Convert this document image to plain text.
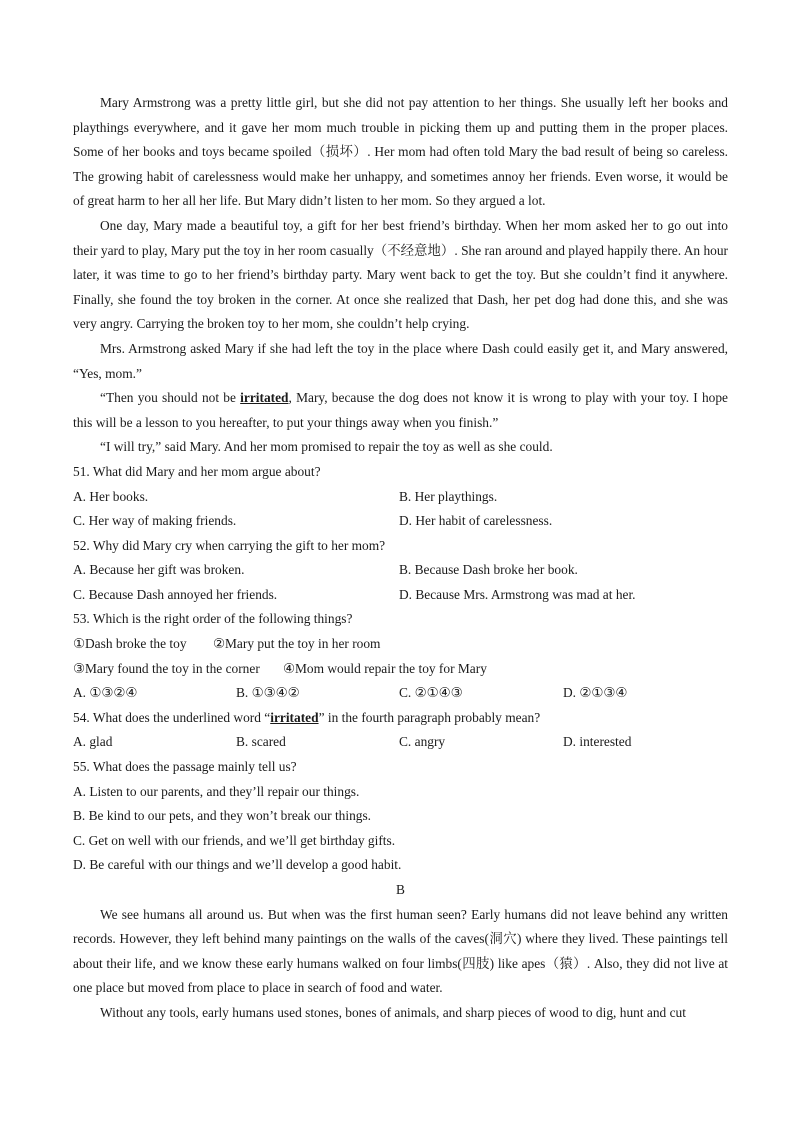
Mary Armstrong was a pretty little girl, but she did not pay attention to her things. She usually left her books and playthings everywhere, and it gave her mom much trouble in picking them up and putting them in the proper places. Some of her books and toys became spoiled（损坏）. Her mom had often told Mary the bad result of being so careless. The growing habit of carelessness would make her unhappy, and sometimes annoy her friends. Even worse, it would be of great harm to her all her life. But Mary didn’t listen to her mom. So they argued a lot.

One day, Mary made a beautiful toy, a gift for her best friend’s birthday. When her mom asked her to go out into their yard to play, Mary put the toy in her room casually（不经意地）. She ran around and played happily there. An hour later, it was time to go to her friend’s birthday party. Mary went back to get the toy. But she couldn’t find it anywhere. Finally, she found the toy broken in the corner. At once she realized that Dash, her pet dog had done this, and she was very angry. Carrying the broken toy to her mom, she couldn’t help crying.

Mrs. Armstrong asked Mary if she had left the toy in the place where Dash could easily get it, and Mary answered, “Yes, mom.”

“Then you should not be irritated, Mary, because the dog does not know it is wrong to play with your toy. I hope this will be a lesson to you hereafter, to put your things away when you finish.”

“I will try,” said Mary. And her mom promised to repair the toy as well as she could.

51. What did Mary and her mom argue about?
A. Her books.	B. Her playthings.
C. Her way of making friends.	D. Her habit of carelessness.
52. Why did Mary cry when carrying the gift to her mom?
A. Because her gift was broken.	B. Because Dash broke her book.
C. Because Dash annoyed her friends.	D. Because Mrs. Armstrong was mad at her.
53. Which is the right order of the following things?
①Dash broke the toy ②Mary put the toy in her room
③Mary found the toy in the corner ④Mom would repair the toy for Mary
A. ①③②④	B. ①③④②	C. ②①④③	D. ②①③④
54. What does the underlined word “irritated” in the fourth paragraph probably mean?
A. glad	B. scared	C. angry	D. interested
55. What does the passage mainly tell us?
A. Listen to our parents, and they’ll repair our things.
B. Be kind to our pets, and they won’t break our things.
C. Get on well with our friends, and we’ll get birthday gifts.
D. Be careful with our things and we’ll develop a good habit.
B

We see humans all around us. But when was the first human seen? Early humans did not leave behind any written records. However, they left behind many paintings on the walls of the caves(洞穴) where they lived. These paintings tell about their life, and we know these early humans walked on four limbs(四肢) like apes（猿）. Also, they did not live at one place but moved from place to place in search of food and water.

Without any tools, early humans used stones, bones of animals, and sharp pieces of wood to dig, hunt and cut
